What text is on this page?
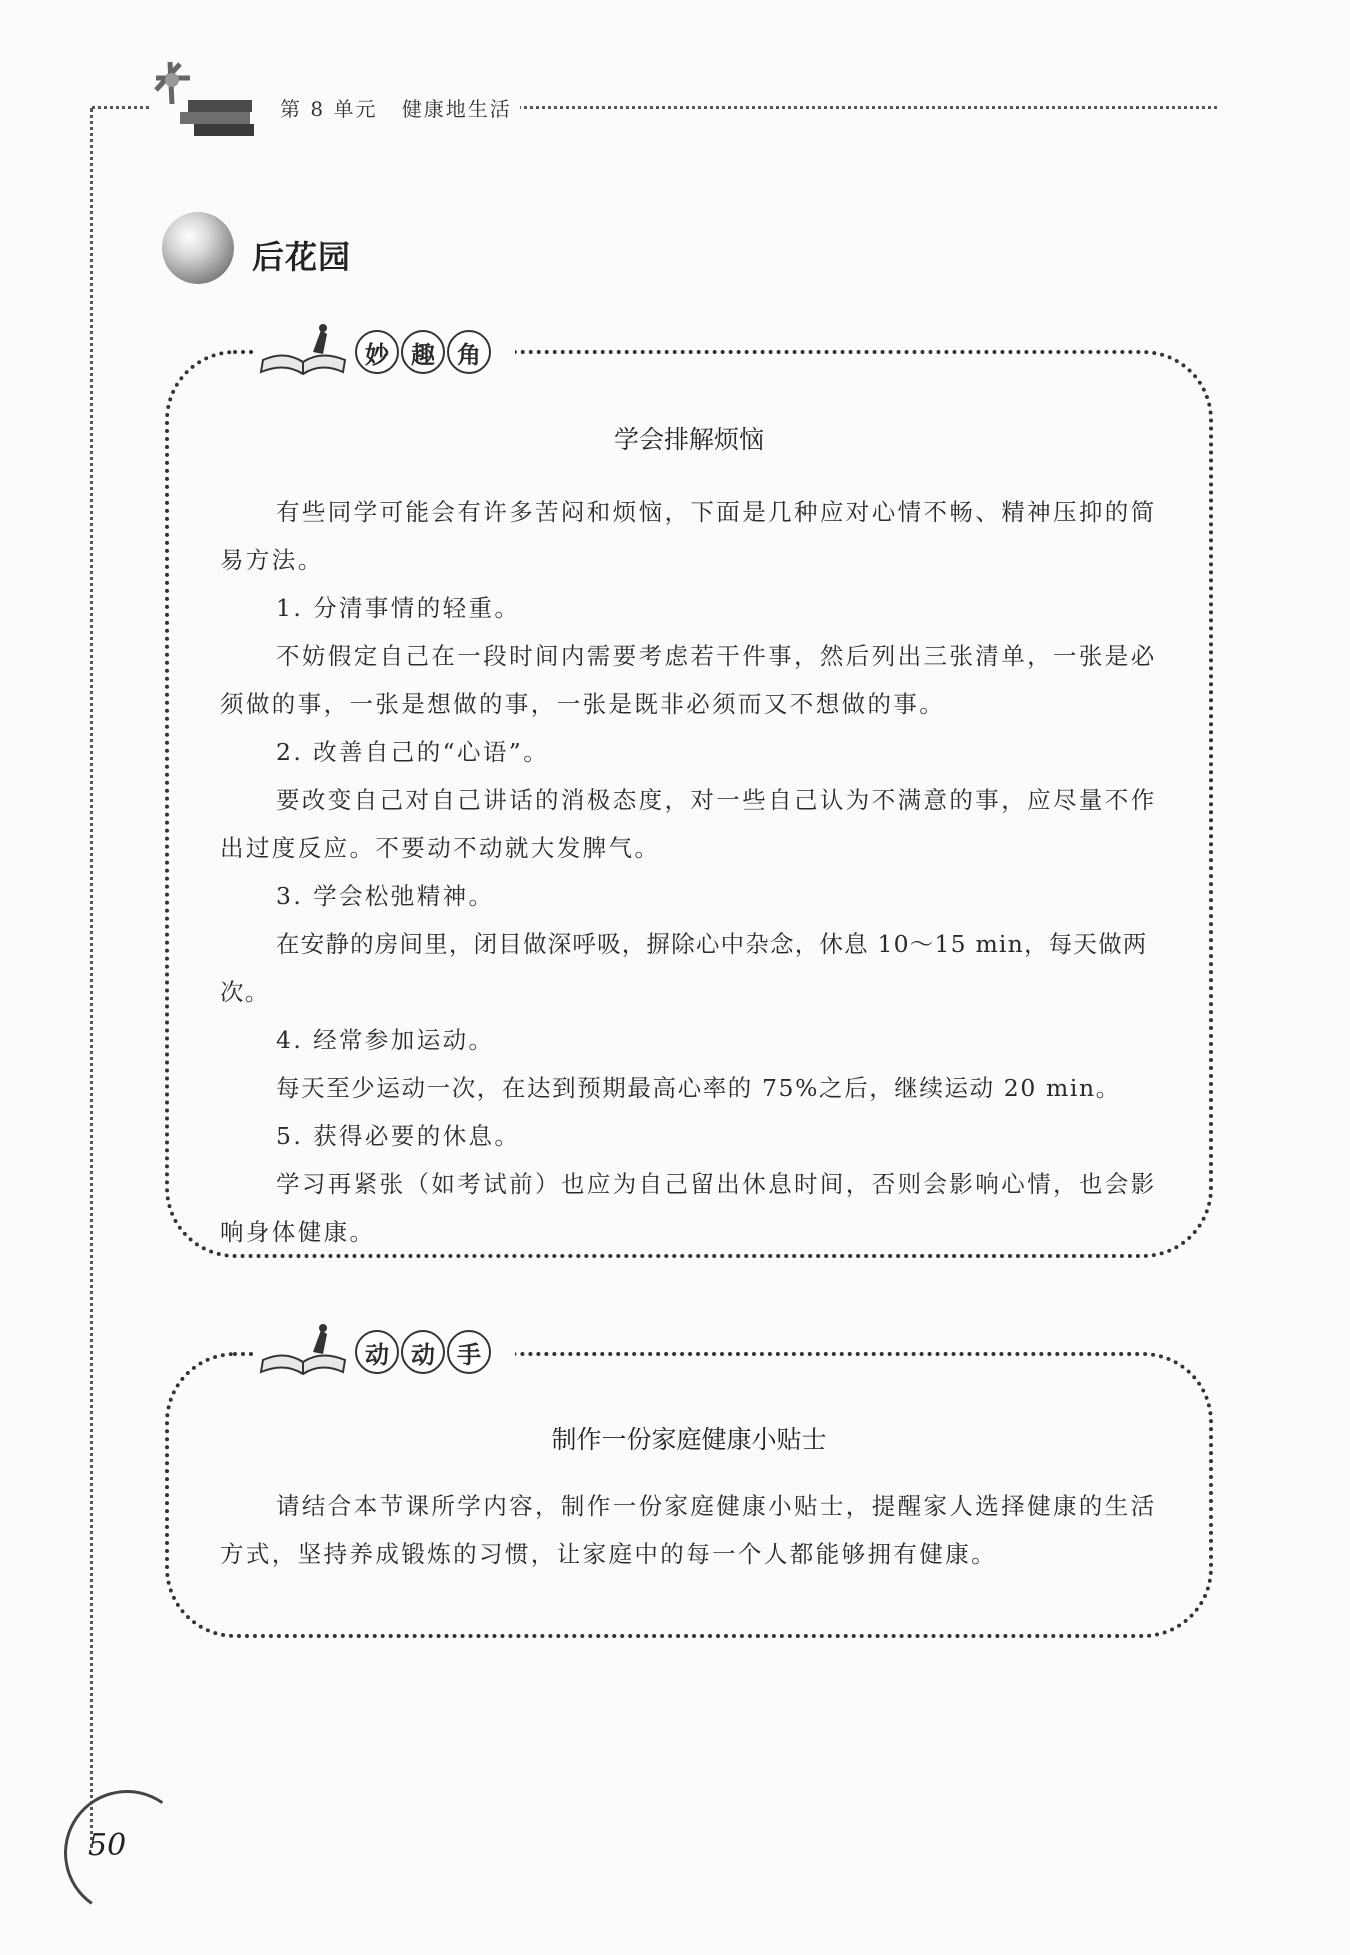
第 8 单元 健康地生活
后花园
妙 趣 角
学会排解烦恼

有些同学可能会有许多苦闷和烦恼，下面是几种应对心情不畅、精神压抑的简易方法。

1. 分清事情的轻重。

不妨假定自己在一段时间内需要考虑若干件事，然后列出三张清单，一张是必须做的事，一张是想做的事，一张是既非必须而又不想做的事。

2. 改善自己的“心语”。

要改变自己对自己讲话的消极态度，对一些自己认为不满意的事，应尽量不作出过度反应。不要动不动就大发脾气。

3. 学会松弛精神。

在安静的房间里，闭目做深呼吸，摒除心中杂念，休息 10～15 min，每天做两次。

4. 经常参加运动。

每天至少运动一次，在达到预期最高心率的 75%之后，继续运动 20 min。

5. 获得必要的休息。

学习再紧张（如考试前）也应为自己留出休息时间，否则会影响心情，也会影响身体健康。

动 动 手
制作一份家庭健康小贴士

请结合本节课所学内容，制作一份家庭健康小贴士，提醒家人选择健康的生活方式，坚持养成锻炼的习惯，让家庭中的每一个人都能够拥有健康。

50
